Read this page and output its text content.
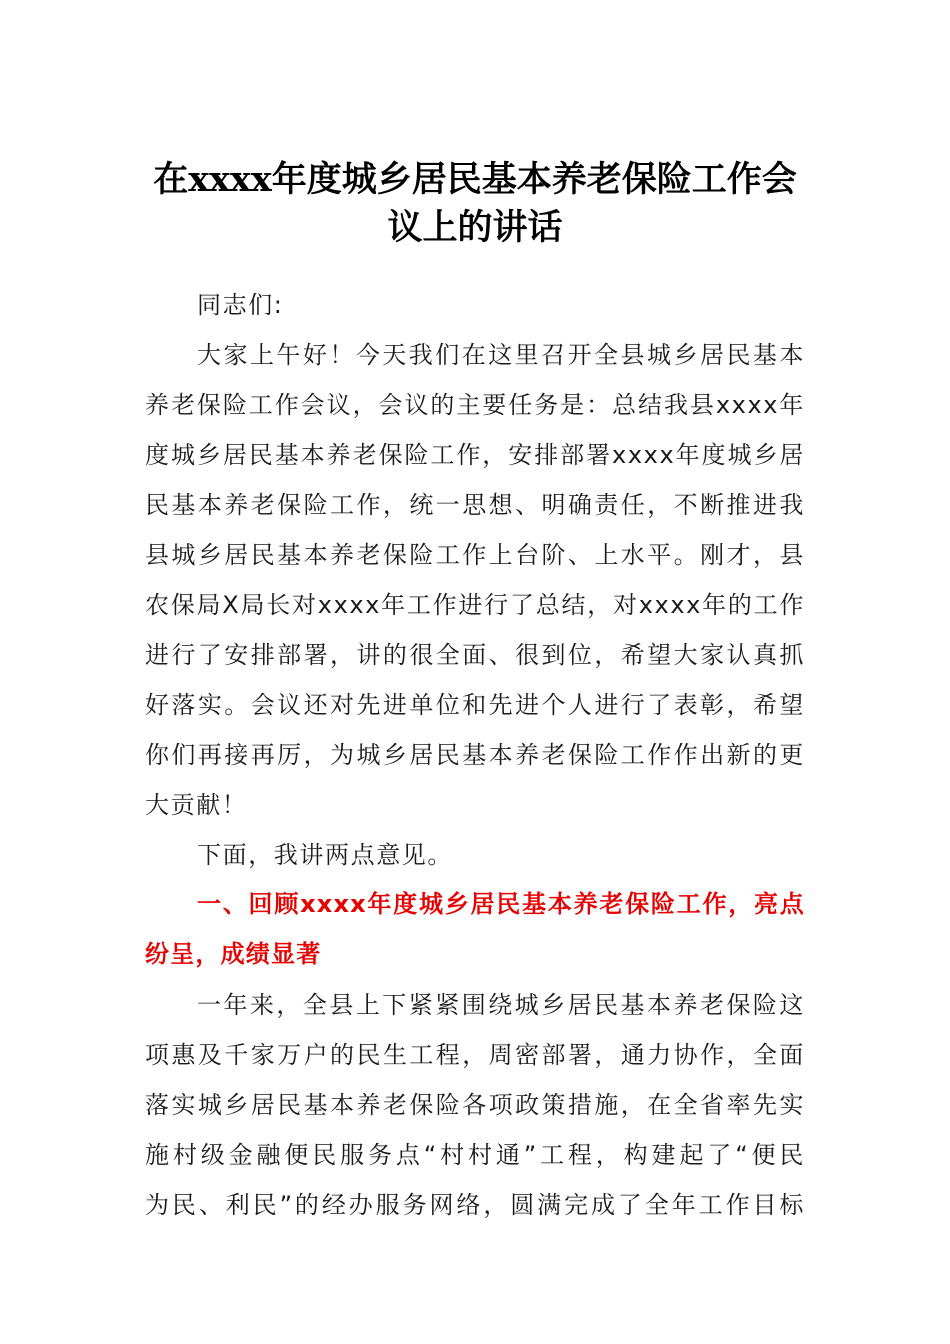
在xxxx年度城乡居民基本养老保险工作会
议上的讲话
同志们:
大家上午好！今天我们在这里召开全县城乡居民基本
养老保险工作会议，会议的主要任务是：总结我县xxxx年
度城乡居民基本养老保险工作，安排部署xxxx年度城乡居
民基本养老保险工作，统一思想、明确责任，不断推进我
县城乡居民基本养老保险工作上台阶、上水平。刚才，县
农保局X局长对xxxx年工作进行了总结，对xxxx年的工作
进行了安排部署，讲的很全面、很到位，希望大家认真抓
好落实。会议还对先进单位和先进个人进行了表彰，希望
你们再接再厉，为城乡居民基本养老保险工作作出新的更
大贡献！
下面，我讲两点意见。
一、回顾xxxx年度城乡居民基本养老保险工作，亮点
纷呈，成绩显著
一年来，全县上下紧紧围绕城乡居民基本养老保险这
项惠及千家万户的民生工程，周密部署，通力协作，全面
落实城乡居民基本养老保险各项政策措施，在全省率先实
施村级金融便民服务点“村村通”工程，构建起了“便民
为民、利民”的经办服务网络，圆满完成了全年工作目标
